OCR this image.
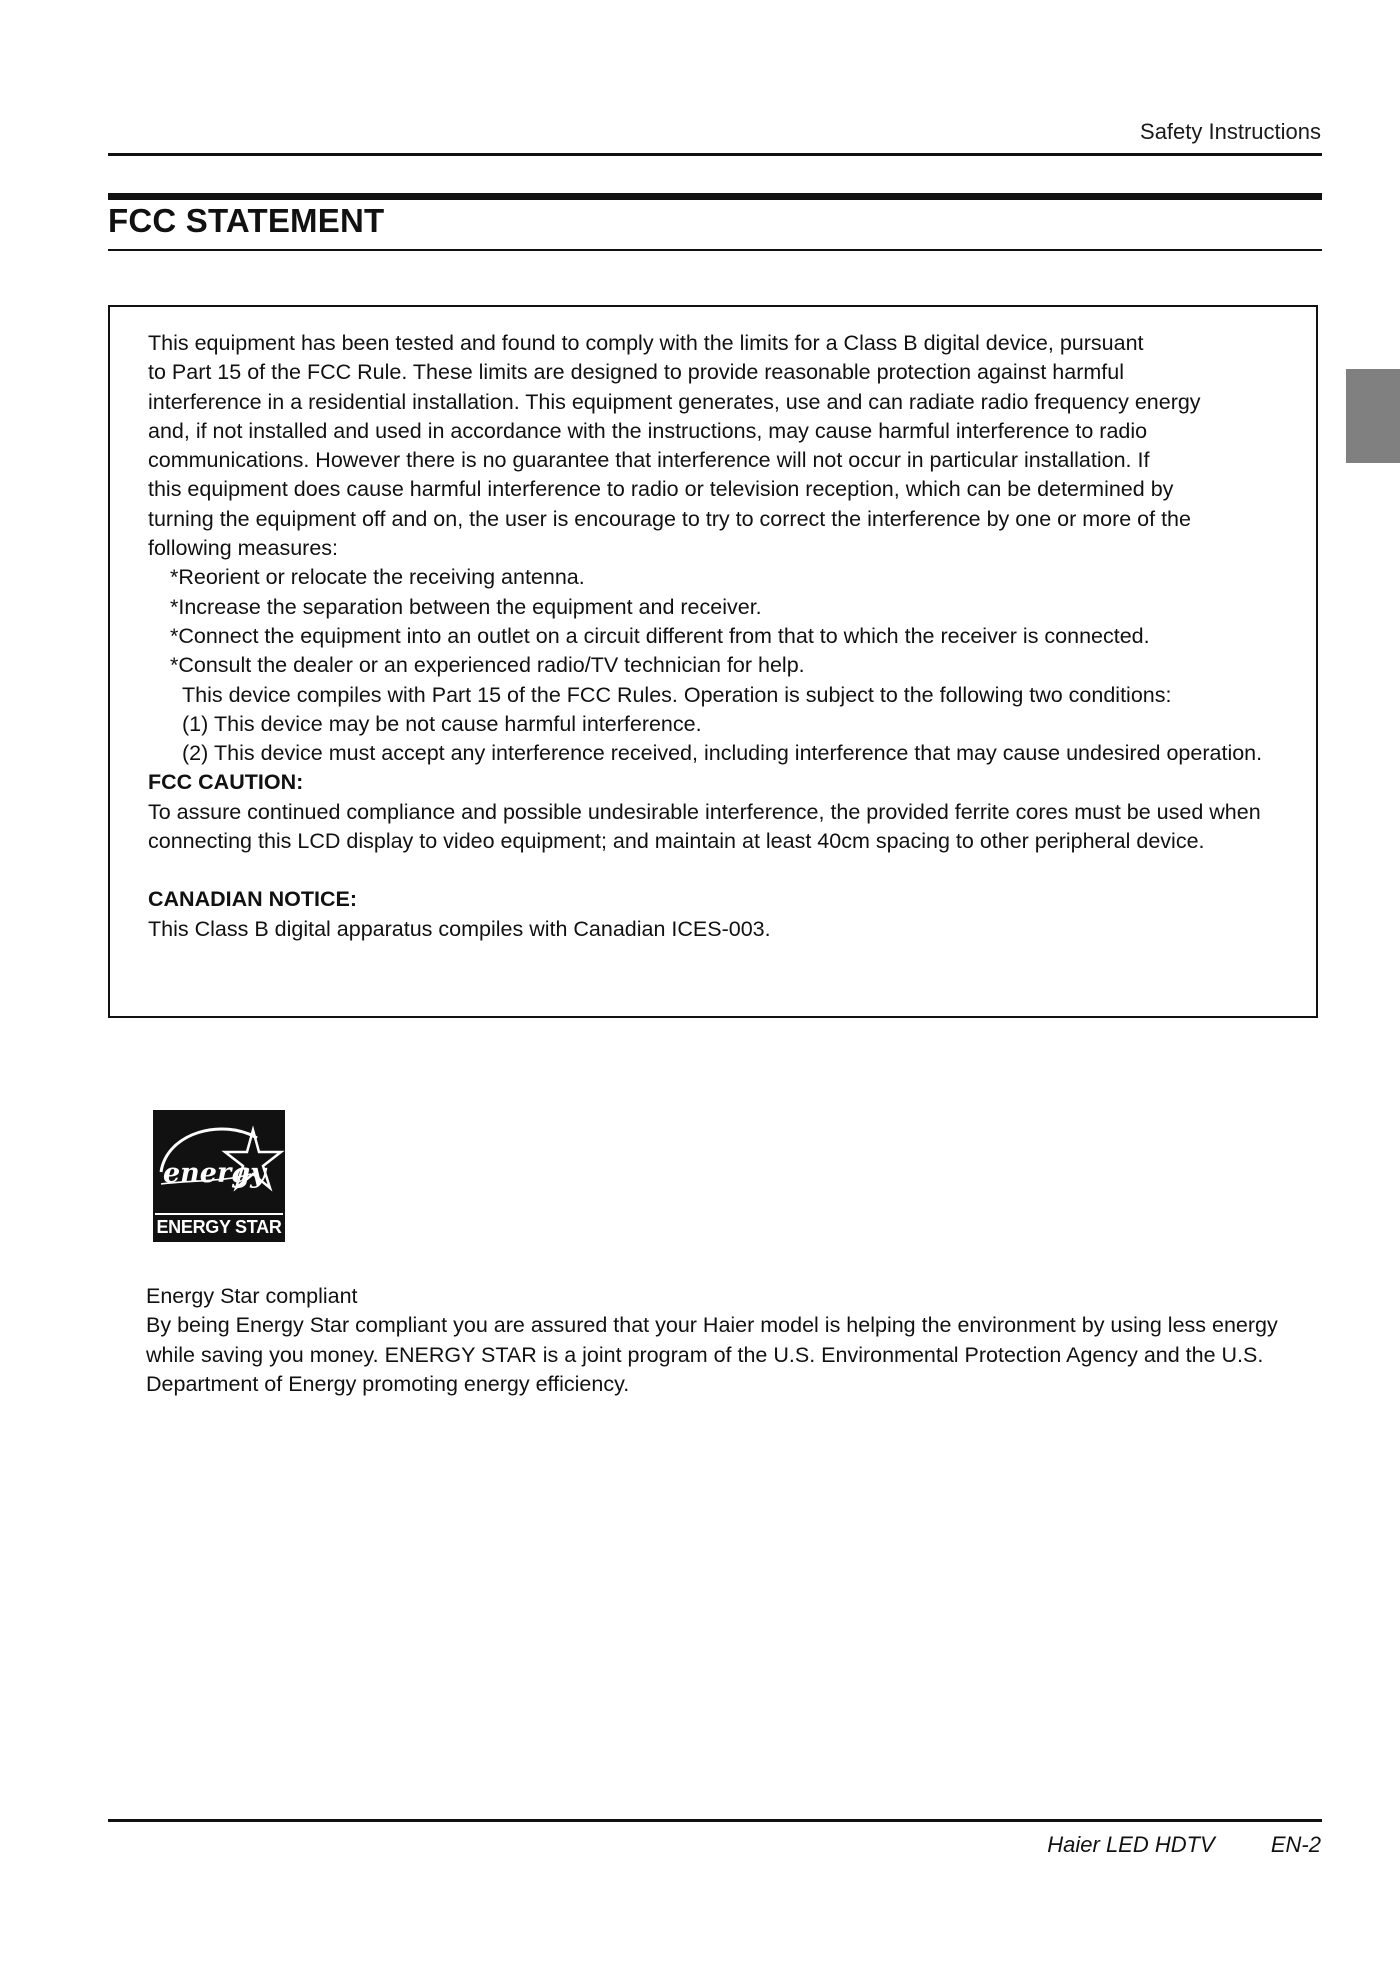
Safety Instructions
FCC STATEMENT

This equipment has been tested and found to comply with the limits for a Class B digital device, pursuant

to Part 15 of the FCC Rule. These limits are designed to provide reasonable protection against harmful

interference in a residential installation. This equipment generates, use and can radiate radio frequency energy

and, if not installed and used in accordance with the instructions, may cause harmful interference to radio

communications. However there is no guarantee that interference will not occur in particular installation. If

this equipment does cause harmful interference to radio or television reception, which can be determined by

turning the equipment off and on, the user is encourage to try to correct the interference by one or more of the

following measures:

*Reorient or relocate the receiving antenna.

*Increase the separation between the equipment and receiver.

*Connect the equipment into an outlet on a circuit different from that to which the receiver is connected.

*Consult the dealer or an experienced radio/TV technician for help.

This device compiles with Part 15 of the FCC Rules. Operation is subject to the following two conditions:

(1) This device may be not cause harmful interference.
(2) This device must accept any interference received, including interference that may cause undesired operation.

FCC CAUTION:

To assure continued compliance and possible undesirable interference, the provided ferrite cores must be used when connecting this LCD display to video equipment; and maintain at least 40cm spacing to other peripheral device.

CANADIAN NOTICE:

This Class B digital apparatus compiles with Canadian ICES-003.

energy
ENERGY STAR

Energy Star compliant

By being Energy Star compliant you are assured that your Haier model is helping the environment by using less energy while saving you money. ENERGY STAR is a joint program of the U.S. Environmental Protection Agency and the U.S. Department of Energy promoting energy efficiency.

Haier LED HDTV	EN-2
